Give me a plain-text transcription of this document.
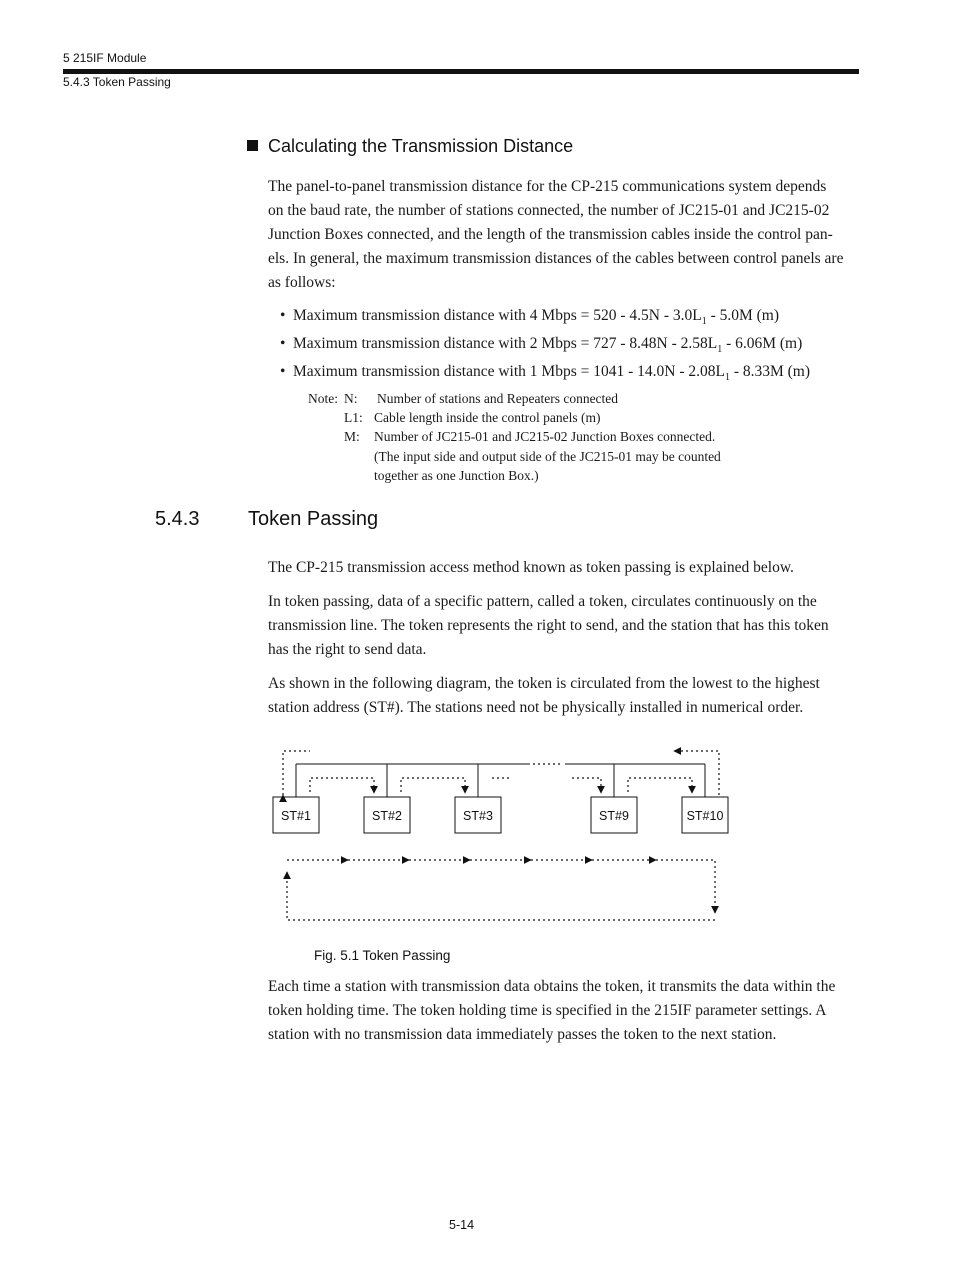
5 215IF Module
5.4.3 Token Passing
Calculating the Transmission Distance
The panel-to-panel transmission distance for the CP-215 communications system depends
on the baud rate, the number of stations connected, the number of JC215-01 and JC215-02
Junction Boxes connected, and the length of the transmission cables inside the control pan-
els. In general, the maximum transmission distances of the cables between control panels are
as follows:
• Maximum transmission distance with 4 Mbps = $520 - 4.5N - 3.0L_1 - 5.0M$ (m)
• Maximum transmission distance with 2 Mbps = $727 - 8.48N - 2.58L_1 - 6.06M$ (m)
• Maximum transmission distance with 1 Mbps = $1041 - 14.0N - 2.08L_1 - 8.33M$ (m)
Note: N: Number of stations and Repeaters connected
L1: Cable length inside the control panels (m)
M: Number of JC215-01 and JC215-02 Junction Boxes connected.
(The input side and output side of the JC215-01 may be counted
together as one Junction Box.)
5.4.3 Token Passing
The CP-215 transmission access method known as token passing is explained below.
In token passing, data of a specific pattern, called a token, circulates continuously on the
transmission line. The token represents the right to send, and the station that has this token
has the right to send data.
As shown in the following diagram, the token is circulated from the lowest to the highest
station address (ST#). The stations need not be physically installed in numerical order.
ST#1	ST#2	ST#3	ST#9	ST#10
Fig. 5.1 Token Passing
Each time a station with transmission data obtains the token, it transmits the data within the
token holding time. The token holding time is specified in the 215IF parameter settings. A
station with no transmission data immediately passes the token to the next station.
5-14
